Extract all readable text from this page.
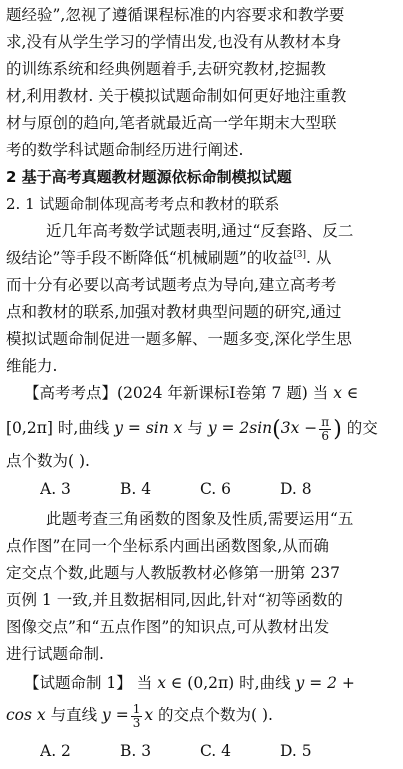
题经验”,忽视了遵循课程标准的内容要求和教学要
求,没有从学生学习的学情出发,也没有从教材本身
的训练系统和经典例题着手,去研究教材,挖掘教
材,利用教材. 关于模拟试题命制如何更好地注重教
材与原创的趋向,笔者就最近高一学年期末大型联
考的数学科试题命制经历进行阐述.
2 基于高考真题教材题源依标命制模拟试题
2. 1 试题命制体现高考考点和教材的联系
近几年高考数学试题表明,通过“反套路、反二
级结论”等手段不断降低“机械刷题”的收益[3]. 从
而十分有必要以高考试题考点为导向,建立高考考
点和教材的联系,加强对教材典型问题的研究,通过
模拟试题命制促进一题多解、一题多变,深化学生思
维能力.
【高考考点】(2024 年新课标Ⅰ卷第 7 题) 当 x ∈
[0,2π] 时,曲线 y = sin x 与 $y = 2\sin(3x - \frac{\pi}{6}$ ) 的交
点个数为( ).
A. 3	B. 4	C. 6	D. 8
此题考查三角函数的图象及性质,需要运用“五
点作图”在同一个坐标系内画出函数图象,从而确
定交点个数,此题与人教版教材必修第一册第 237
页例 1 一致,并且数据相同,因此,针对“初等函数的
图像交点”和“五点作图”的知识点,可从教材出发
进行试题命制.
【试题命制 1】 当 x ∈ (0,2π) 时,曲线 y = 2 +
cos x 与直线 $y = \frac{1}{3}$ x 的交点个数为( ).
A. 2	B. 3	C. 4	D. 5
